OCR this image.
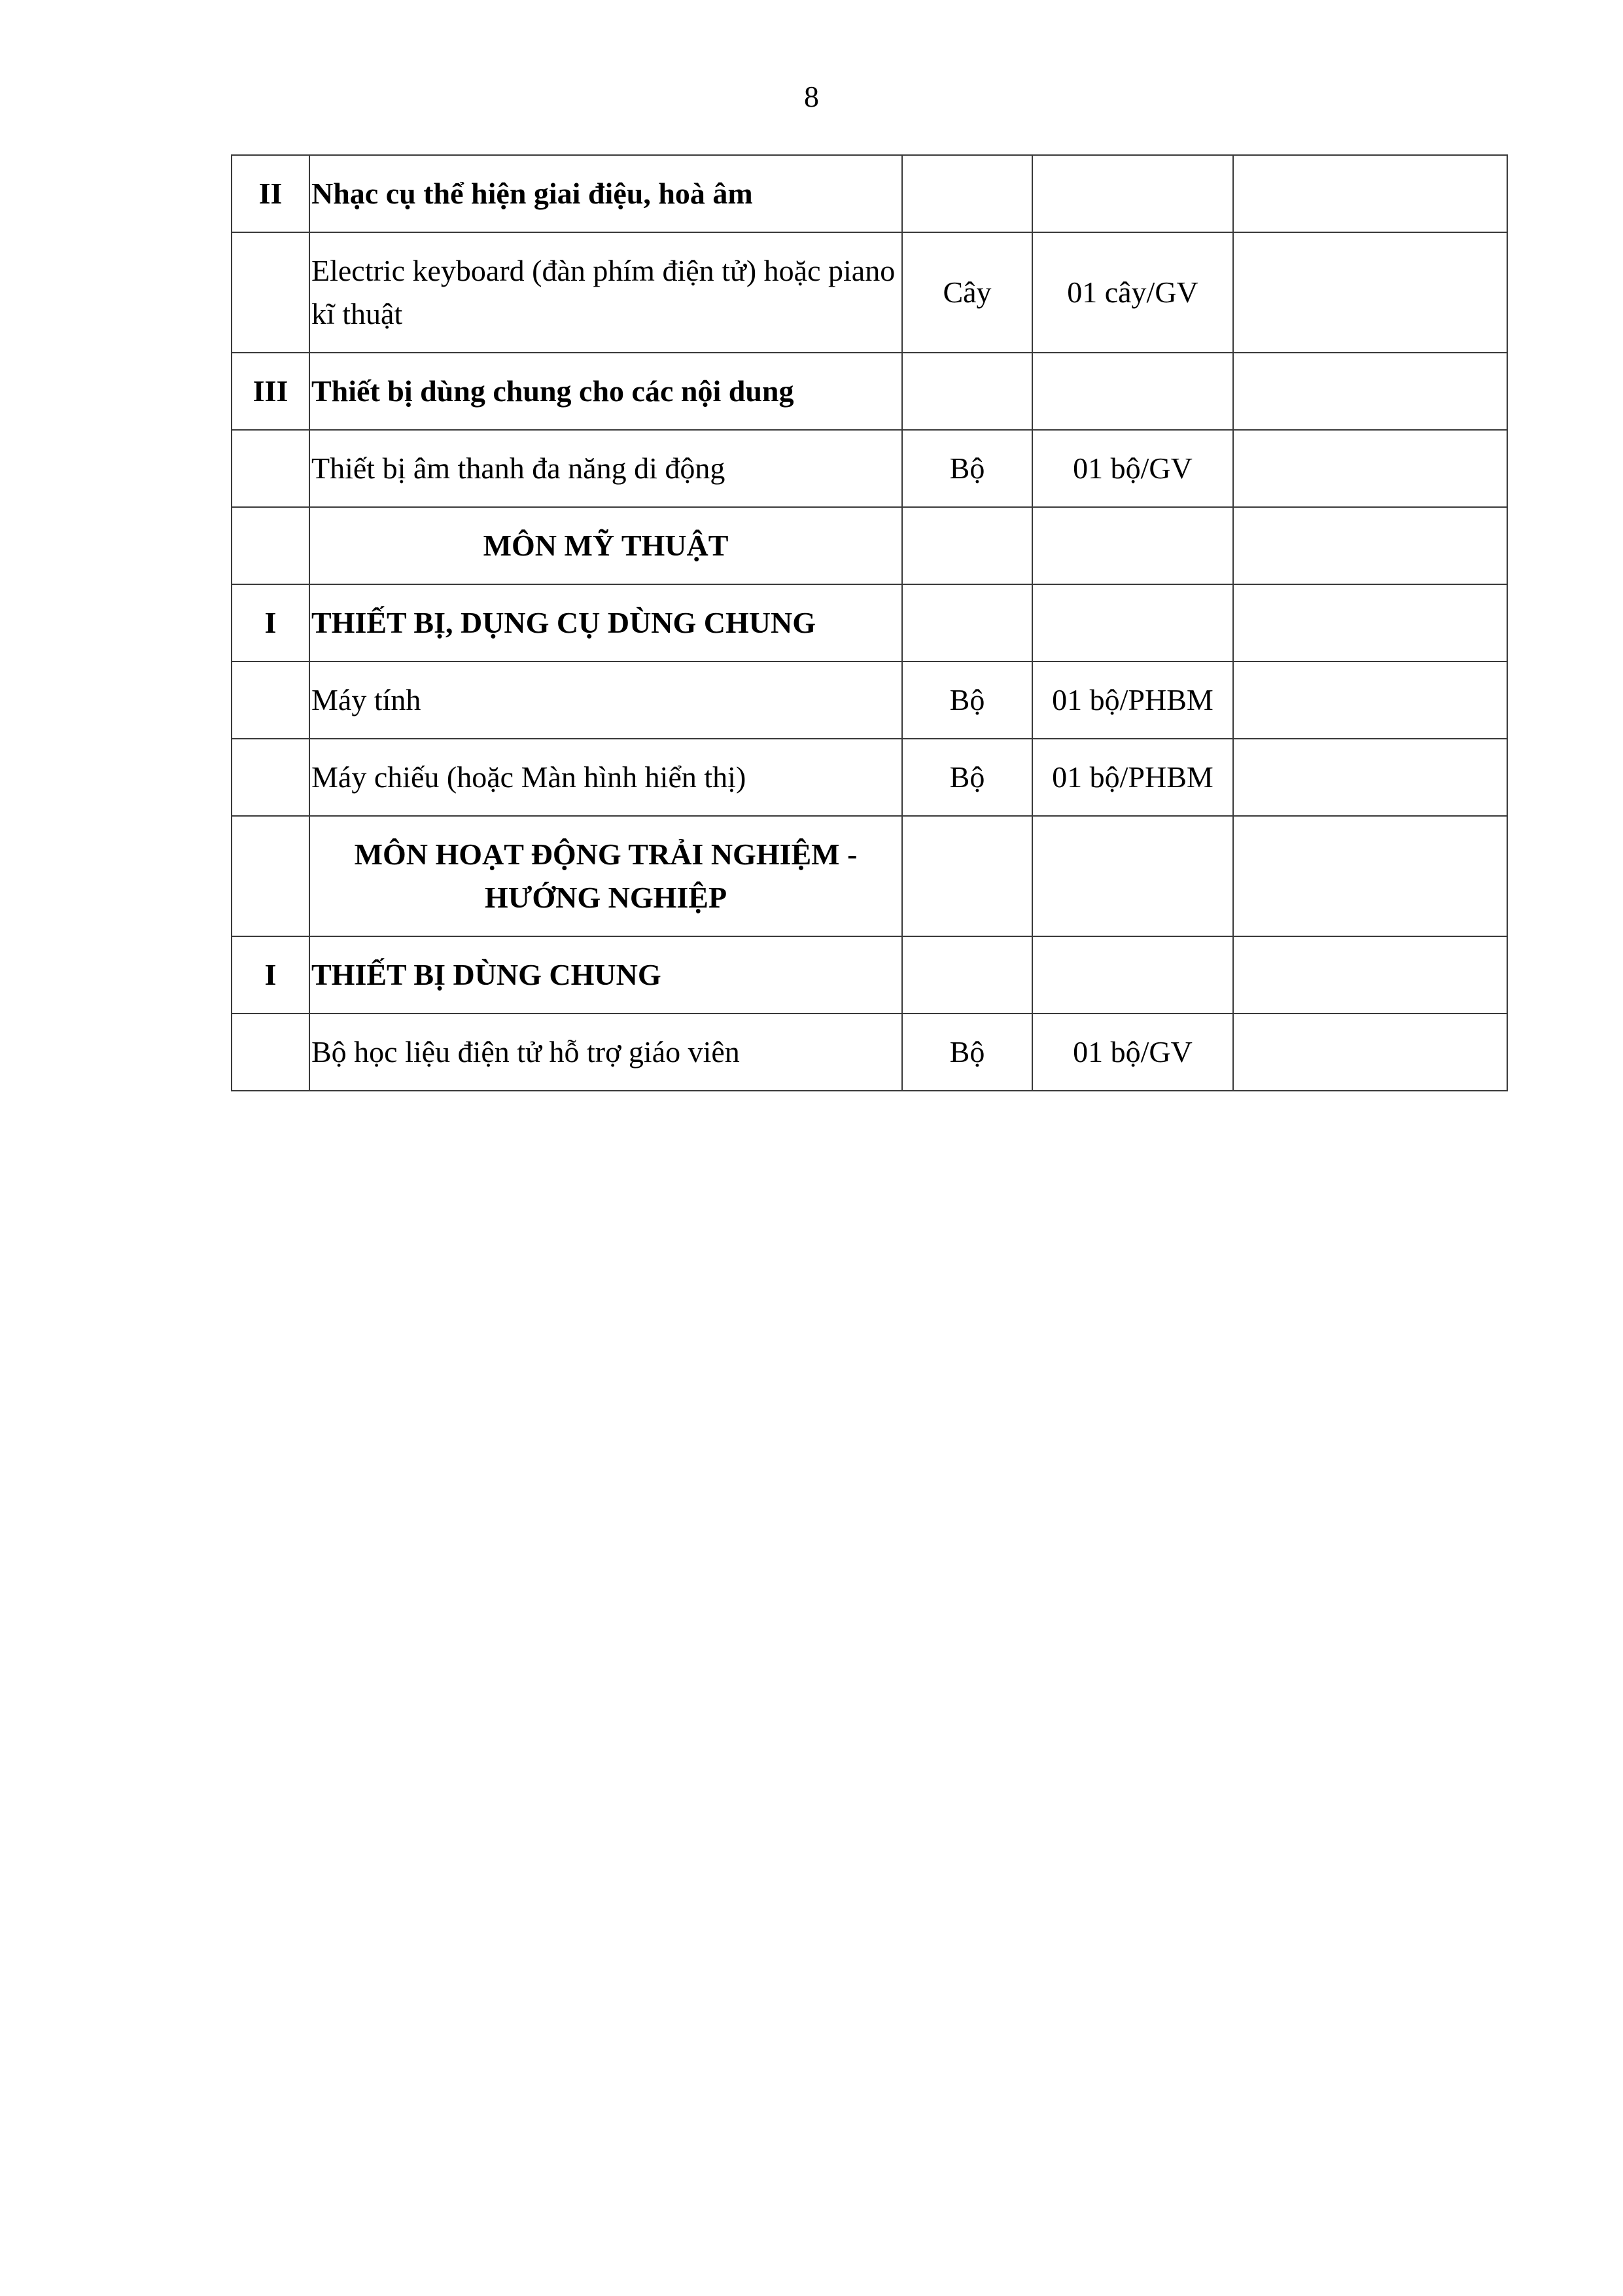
8
II	Nhạc cụ thể hiện giai điệu, hoà âm			
	Electric keyboard (đàn phím điện tử) hoặc piano kĩ thuật	Cây	01 cây/GV	
III	Thiết bị dùng chung cho các nội dung			
	Thiết bị âm thanh đa năng di động	Bộ	01 bộ/GV	
	MÔN MỸ THUẬT			
I	THIẾT BỊ, DỤNG CỤ DÙNG CHUNG			
	Máy tính	Bộ	01 bộ/PHBM	
	Máy chiếu (hoặc Màn hình hiển thị)	Bộ	01 bộ/PHBM	
	MÔN HOẠT ĐỘNG TRẢI NGHIỆM - HƯỚNG NGHIỆP			
I	THIẾT BỊ DÙNG CHUNG			
	Bộ học liệu điện tử hỗ trợ giáo viên	Bộ	01 bộ/GV	
